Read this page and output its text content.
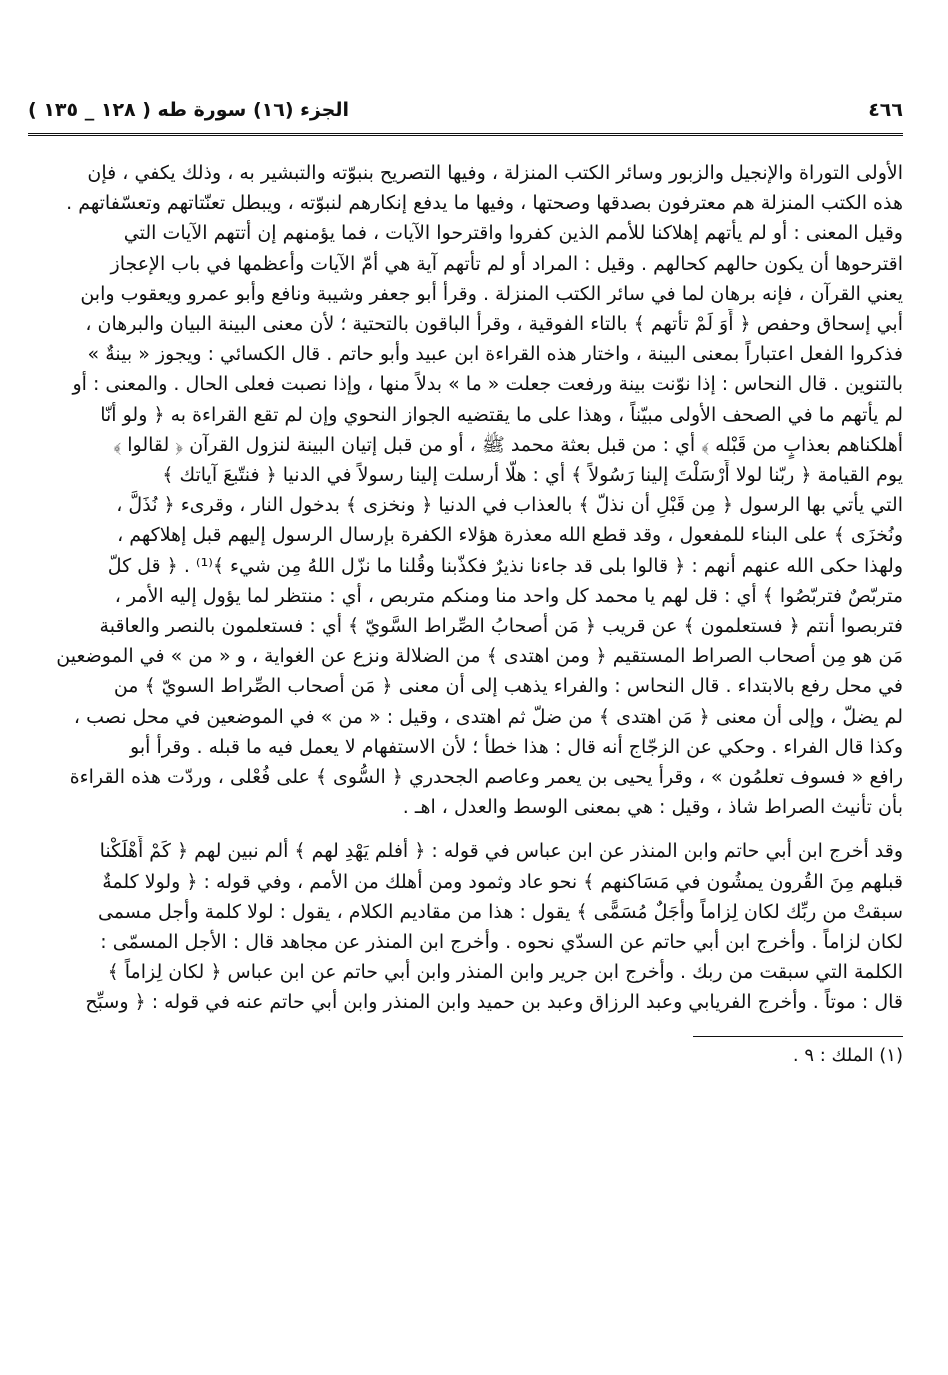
٤٦٦
الجزء (١٦) سورة طه ( ١٢٨ _ ١٣٥ )
الأولى التوراة والإنجيل والزبور وسائر الكتب المنزلة ، وفيها التصريح بنبوّته والتبشير به ، وذلك يكفي ، فإن
هذه الكتب المنزلة هم معترفون بصدقها وصحتها ، وفيها ما يدفع إنكارهم لنبوّته ، ويبطل تعنّتاتهم وتعسّفاتهم .
وقيل المعنى : أو لم يأتهم إهلاكنا للأمم الذين كفروا واقترحوا الآيات ، فما يؤمنهم إن أتتهم الآيات التي
اقترحوها أن يكون حالهم كحالهم . وقيل : المراد أو لم تأتهم آية هي أمّ الآيات وأعظمها في باب الإعجاز
يعني القرآن ، فإنه برهان لما في سائر الكتب المنزلة . وقرأ أبو جعفر وشيبة ونافع وأبو عمرو ويعقوب وابن
أبي إسحاق وحفص ﴿ أَوَ لَمْ تأتهم ﴾ بالتاء الفوقية ، وقرأ الباقون بالتحتية ؛ لأن معنى البينة البيان والبرهان ،
فذكروا الفعل اعتباراً بمعنى البينة ، واختار هذه القراءة ابن عبيد وأبو حاتم . قال الكسائي : ويجوز « بينةٌ »
بالتنوين . قال النحاس : إذا نوّنت بينة ورفعت جعلت « ما » بدلاً منها ، وإذا نصبت فعلى الحال . والمعنى : أو
لم يأتهم ما في الصحف الأولى مبيّناً ، وهذا على ما يقتضيه الجواز النحوي وإن لم تقع القراءة به ﴿ ولو أنّا
أهلكناهم بعذابٍ من قَبْله ﴾ أي : من قبل بعثة محمد ﷺ ، أو من قبل إتيان البينة لنزول القرآن ﴿ لقالوا ﴾
يوم القيامة ﴿ ربّنا لولا أَرْسَلْتَ إلينا رَسُولاً ﴾ أي : هلّا أرسلت إلينا رسولاً في الدنيا ﴿ فنتّبعَ آياتك ﴾
التي يأتي بها الرسول ﴿ مِن قَبْلِ أن نذلّ ﴾ بالعذاب في الدنيا ﴿ ونخزى ﴾ بدخول النار ، وقرىء ﴿ نُذَلَّ ،
ونُخزَى ﴾ على البناء للمفعول ، وقد قطع الله معذرة هؤلاء الكفرة بإرسال الرسول إليهم قبل إهلاكهم ،
ولهذا حكى الله عنهم أنهم : ﴿ قالوا بلى قد جاءنا نذيرٌ فكذّبنا وقُلنا ما نزّل اللهُ مِن شيء ﴾⁽¹⁾ . ﴿ قل كلّ
متربّصٌ فتربّصُوا ﴾ أي : قل لهم يا محمد كل واحد منا ومنكم متربص ، أي : منتظر لما يؤول إليه الأمر ،
فتربصوا أنتم ﴿ فستعلمون ﴾ عن قريب ﴿ مَن أصحابُ الصِّراط السَّويّ ﴾ أي : فستعلمون بالنصر والعاقبة
مَن هو مِن أصحاب الصراط المستقيم ﴿ ومن اهتدى ﴾ من الضلالة ونزع عن الغواية ، و « من » في الموضعين
في محل رفع بالابتداء . قال النحاس : والفراء يذهب إلى أن معنى ﴿ مَن أصحاب الصِّراط السويّ ﴾ من
لم يضلّ ، وإلى أن معنى ﴿ مَن اهتدى ﴾ من ضلّ ثم اهتدى ، وقيل : « من » في الموضعين في محل نصب ،
وكذا قال الفراء . وحكي عن الزجّاج أنه قال : هذا خطأ ؛ لأن الاستفهام لا يعمل فيه ما قبله . وقرأ أبو
رافع « فسوف تعلمُون » ، وقرأ يحيى بن يعمر وعاصم الجحدري ﴿ السُّوى ﴾ على فُعْلى ، وردّت هذه القراءة
بأن تأنيث الصراط شاذ ، وقيل : هي بمعنى الوسط والعدل ، اهـ .
وقد أخرج ابن أبي حاتم وابن المنذر عن ابن عباس في قوله : ﴿ أفلم يَهْدِ لهم ﴾ ألم نبين لهم ﴿ كَمْ أَهْلَكْنا
قبلهم مِنَ القُرون يمشُون في مَسَاكنهم ﴾ نحو عاد وثمود ومن أهلك من الأمم ، وفي قوله : ﴿ ولولا كلمةٌ
سبقتْ من ربِّك لكان لِزاماً وأجَلٌ مُسَمًّى ﴾ يقول : هذا من مقاديم الكلام ، يقول : لولا كلمة وأجل مسمى
لكان لزاماً . وأخرج ابن أبي حاتم عن السدّي نحوه . وأخرج ابن المنذر عن مجاهد قال : الأجل المسمّى :
الكلمة التي سبقت من ربك . وأخرج ابن جرير وابن المنذر وابن أبي حاتم عن ابن عباس ﴿ لكان لِزاماً ﴾
قال : موتاً . وأخرج الفريابي وعبد الرزاق وعبد بن حميد وابن المنذر وابن أبي حاتم عنه في قوله : ﴿ وسبِّح
(١) الملك : ٩ .
